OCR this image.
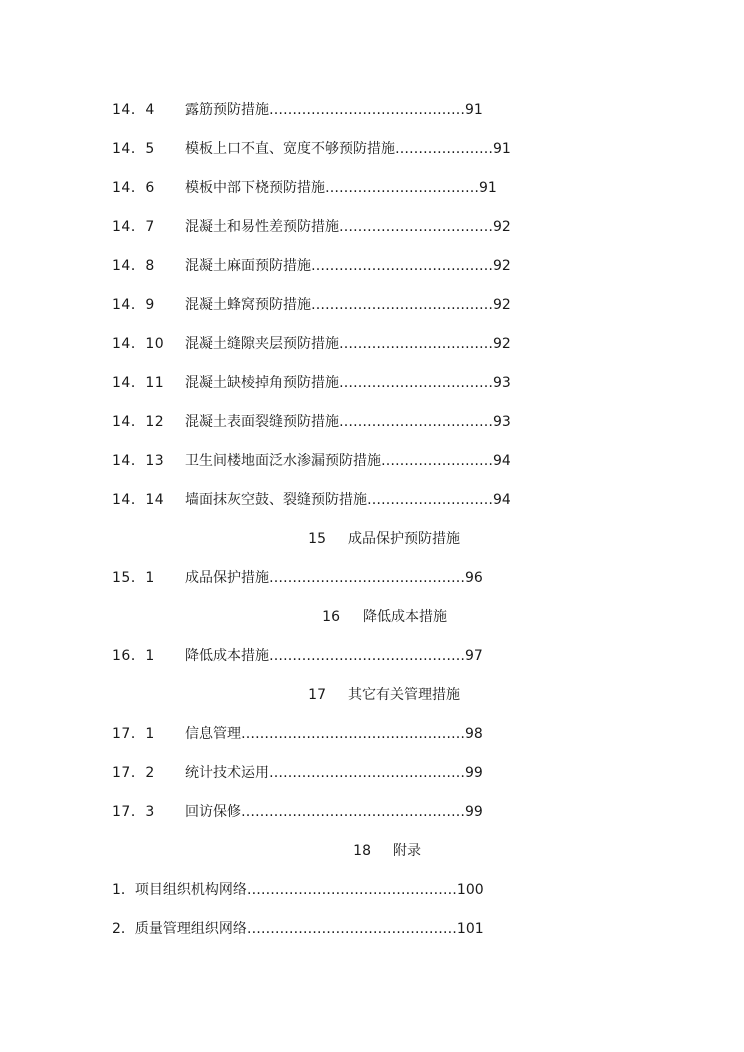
14．4 露筋预防措施……………………………………91
14．5 模板上口不直、宽度不够预防措施…………………91
14．6 模板中部下桡预防措施……………………………91
14．7 混凝土和易性差预防措施……………………………92
14．8 混凝土麻面预防措施…………………………………92
14．9 混凝土蜂窝预防措施…………………………………92
14．10 混凝土缝隙夹层预防措施……………………………92
14．11 混凝土缺棱掉角预防措施……………………………93
14．12 混凝土表面裂缝预防措施……………………………93
14．13 卫生间楼地面泛水渗漏预防措施……………………94
14．14 墙面抹灰空鼓、裂缝预防措施………………………94
15 成品保护预防措施
15．1 成品保护措施……………………………………96
16 降低成本措施
16．1 降低成本措施……………………………………97
17 其它有关管理措施
17．1 信息管理…………………………………………98
17．2 统计技术运用……………………………………99
17．3 回访保修…………………………………………99
18 附录
1．项目组织机构网络………………………………………100
2．质量管理组织网络………………………………………101
